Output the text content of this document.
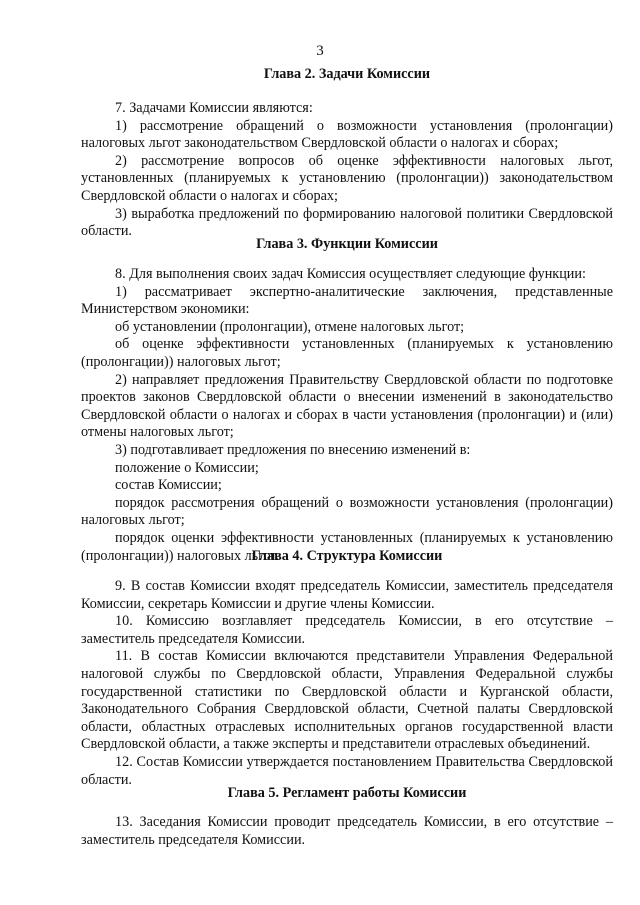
3
Глава 2. Задачи Комиссии

7. Задачами Комиссии являются:

1) рассмотрение обращений о возможности установления (пролонгации) налоговых льгот законодательством Свердловской области о налогах и сборах;

2) рассмотрение вопросов об оценке эффективности налоговых льгот, установленных (планируемых к установлению (пролонгации)) законодательством Свердловской области о налогах и сборах;

3) выработка предложений по формированию налоговой политики Свердловской области.

Глава 3. Функции Комиссии

8. Для выполнения своих задач Комиссия осуществляет следующие функции:

1) рассматривает экспертно-аналитические заключения, представленные Министерством экономики:

об установлении (пролонгации), отмене налоговых льгот;

об оценке эффективности установленных (планируемых к установлению (пролонгации)) налоговых льгот;

2) направляет предложения Правительству Свердловской области по подготовке проектов законов Свердловской области о внесении изменений в законодательство Свердловской области о налогах и сборах в части установления (пролонгации) и (или) отмены налоговых льгот;

3) подготавливает предложения по внесению изменений в:

положение о Комиссии;

состав Комиссии;

порядок рассмотрения обращений о возможности установления (пролонгации) налоговых льгот;

порядок оценки эффективности установленных (планируемых к установлению (пролонгации)) налоговых льгот.

Глава 4. Структура Комиссии

9. В состав Комиссии входят председатель Комиссии, заместитель председателя Комиссии, секретарь Комиссии и другие члены Комиссии.

10. Комиссию возглавляет председатель Комиссии, в его отсутствие – заместитель председателя Комиссии.

11. В состав Комиссии включаются представители Управления Федеральной налоговой службы по Свердловской области, Управления Федеральной службы государственной статистики по Свердловской области и Курганской области, Законодательного Собрания Свердловской области, Счетной палаты Свердловской области, областных отраслевых исполнительных органов государственной власти Свердловской области, а также эксперты и представители отраслевых объединений.

12. Состав Комиссии утверждается постановлением Правительства Свердловской области.

Глава 5. Регламент работы Комиссии

13. Заседания Комиссии проводит председатель Комиссии, в его отсутствие – заместитель председателя Комиссии.
